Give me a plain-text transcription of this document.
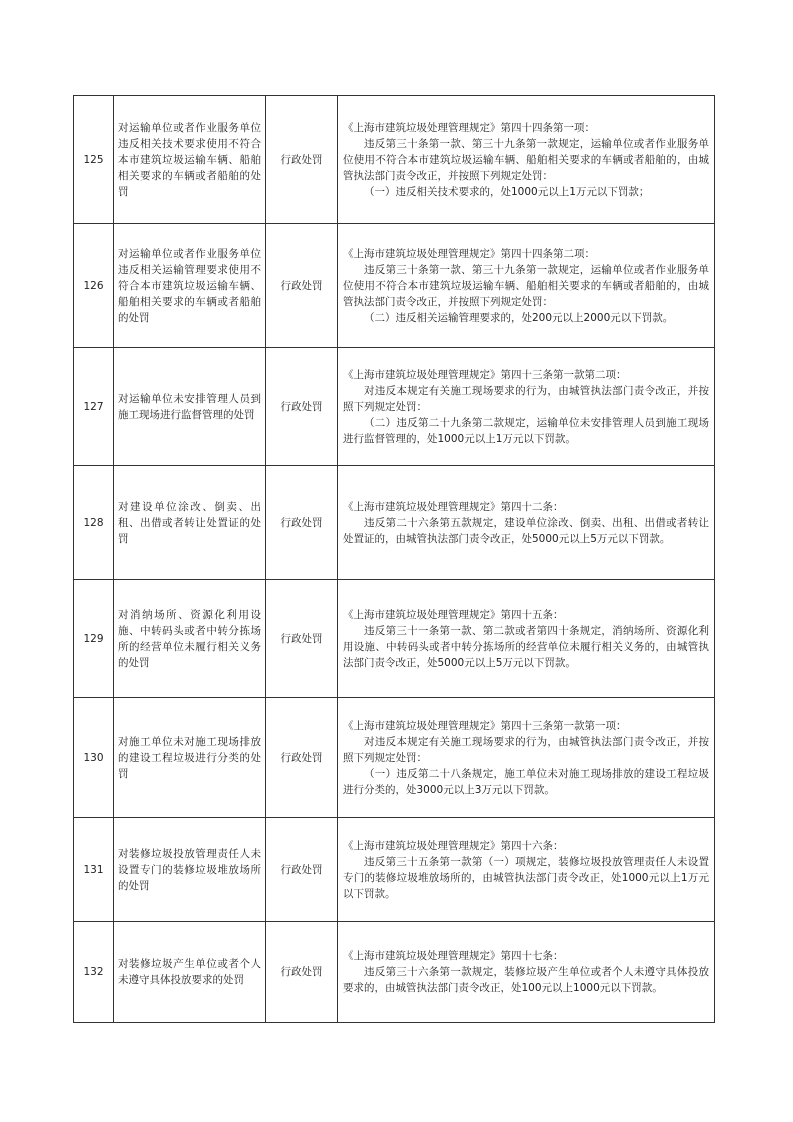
125	对运输单位或者作业服务单位违反相关技术要求使用不符合本市建筑垃圾运输车辆、船舶相关要求的车辆或者船舶的处罚	行政处罚	《上海市建筑垃圾处理管理规定》第四十四条第一项：
违反第三十条第一款、第三十九条第一款规定，运输单位或者作业服务单位使用不符合本市建筑垃圾运输车辆、船舶相关要求的车辆或者船舶的，由城管执法部门责令改正，并按照下列规定处罚：
（一）违反相关技术要求的，处1000元以上1万元以下罚款；

126	对运输单位或者作业服务单位违反相关运输管理要求使用不符合本市建筑垃圾运输车辆、船舶相关要求的车辆或者船舶的处罚	行政处罚	《上海市建筑垃圾处理管理规定》第四十四条第二项：
违反第三十条第一款、第三十九条第一款规定，运输单位或者作业服务单位使用不符合本市建筑垃圾运输车辆、船舶相关要求的车辆或者船舶的，由城管执法部门责令改正，并按照下列规定处罚：
（二）违反相关运输管理要求的，处200元以上2000元以下罚款。

127	对运输单位未安排管理人员到施工现场进行监督管理的处罚	行政处罚	《上海市建筑垃圾处理管理规定》第四十三条第一款第二项：
对违反本规定有关施工现场要求的行为，由城管执法部门责令改正，并按照下列规定处罚：
（二）违反第二十九条第二款规定，运输单位未安排管理人员到施工现场进行监督管理的，处1000元以上1万元以下罚款。

128	对建设单位涂改、倒卖、出租、出借或者转让处置证的处罚	行政处罚	《上海市建筑垃圾处理管理规定》第四十二条：
违反第二十六条第五款规定，建设单位涂改、倒卖、出租、出借或者转让处置证的，由城管执法部门责令改正，处5000元以上5万元以下罚款。

129	对消纳场所、资源化利用设施、中转码头或者中转分拣场所的经营单位未履行相关义务的处罚	行政处罚	《上海市建筑垃圾处理管理规定》第四十五条：
违反第三十一条第一款、第二款或者第四十条规定，消纳场所、资源化利用设施、中转码头或者中转分拣场所的经营单位未履行相关义务的，由城管执法部门责令改正，处5000元以上5万元以下罚款。

130	对施工单位未对施工现场排放的建设工程垃圾进行分类的处罚	行政处罚	《上海市建筑垃圾处理管理规定》第四十三条第一款第一项：
对违反本规定有关施工现场要求的行为，由城管执法部门责令改正，并按照下列规定处罚：
（一）违反第二十八条规定，施工单位未对施工现场排放的建设工程垃圾进行分类的，处3000元以上3万元以下罚款。

131	对装修垃圾投放管理责任人未设置专门的装修垃圾堆放场所的处罚	行政处罚	《上海市建筑垃圾处理管理规定》第四十六条：
违反第三十五条第一款第（一）项规定，装修垃圾投放管理责任人未设置专门的装修垃圾堆放场所的，由城管执法部门责令改正，处1000元以上1万元以下罚款。

132	对装修垃圾产生单位或者个人未遵守具体投放要求的处罚	行政处罚	《上海市建筑垃圾处理管理规定》第四十七条：
违反第三十六条第一款规定，装修垃圾产生单位或者个人未遵守具体投放要求的，由城管执法部门责令改正，处100元以上1000元以下罚款。
